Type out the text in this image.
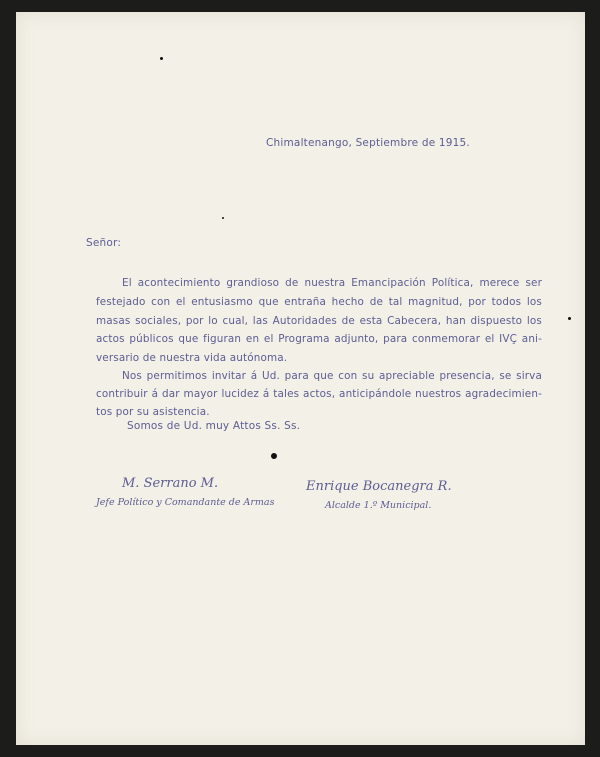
Chimaltenango, Septiembre de 1915.
Señor:
El acontecimiento grandioso de nuestra Emancipación Política, merece ser
festejado con el entusiasmo que entraña hecho de tal magnitud, por todos los
masas sociales, por lo cual, las Autoridades de esta Cabecera, han dispuesto los
actos públicos que figuran en el Programa adjunto, para conmemorar el IVÇ ani-
versario de nuestra vida autónoma.
Nos permitimos invitar á Ud. para que con su apreciable presencia, se sirva
contribuir á dar mayor lucidez á tales actos, anticipándole nuestros agradecimien-
tos por su asistencia.
Somos de Ud. muy Attos Ss. Ss.
M. Serrano M.
Jefe Político y Comandante de Armas
Enrique Bocanegra R.
Alcalde 1.º Municipal.
